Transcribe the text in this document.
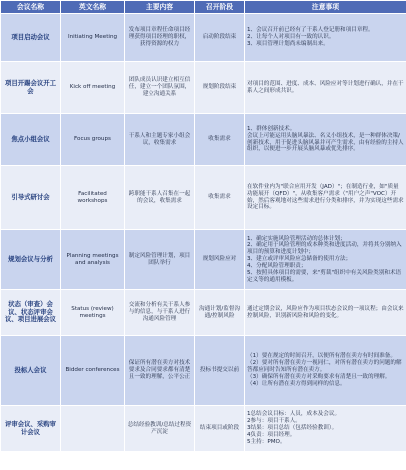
会议名称	英文名称	主要内容	召开阶段	注意事项
项目启动会议	Initiating Meeting	发布项目章程任命项目经理获得项目经理的职权，获得资源的权力	启动阶段结束	1、会议召开前已经有了干系人登记册和项目章程。
2、让每个人对项目有一致的认识。
3、项目管理计划尚未编制出来。

项目开踢会议开工会	Kick off meeting	团队成员认识建立相互信任，建立一个团队氛围，建立沟通关系	规划阶段结束	对项目的范围、进度、成本、风险应对等计划进行确认，并在干系人之间形成共识。

焦点小组会议	Focus groups	干系人和主题专家小组会议，收集需求	收集需求	1、群体创新技术。
会议上可能运用头脑风暴法、名义小组技术，是一种群体决策/创新技术，用于促进头脑风暴并可产生需求，由有经验的主持人组织，以便进一步开展头脑风暴或优先排序。

引导式研讨会	Facilitated workshops	跨职能干系人召集在一起的会议，收集需求	收集需求	在软件业内为"联合应用开发（JAD）"；在制造行业，如"质量功能展开（QFD）"，从收集客户需求（"用户之声"VOC）开始，然后客观地对这些需求进行分类和排序，并为实现这些需求设定目标。

规划会议与分析	Planning meetings and analysis	制定风险管理计划，项目团队举行	规划风险应对	1、确定实施风险管理活动的总体计划；
2、确定用于风险管理的成本种类和进度活动，并将其分别纳入项目的预算和进度计划中；
3、建立或评审风险应急储备的使用方法；
4、分配风险管理职责；
5、按照具体项目的需要，来"剪裁"组织中有关风险类别和术语定义等的通用模板。

状态（审查）会议、状态评审会议、项目进展会议	Status (review) meetings	交流和分析有关干系人参与的信息，与干系人进行沟通风险管理	沟通计划/监督沟通/控制风险	通过定期会议，风险应作为项目状态会议的一项议程；由会议来控制风险，识别新风险和风险的变化。

投标人会议	Bidder conferences	保证所有潜在卖方对技术要求及合同要求都有清楚且一致的理解，公平公正	投标书提交以前	（1）要在规定的时间召开，以便所有潜在卖方有时间准备。
（2）要对所有潜在卖方一视同仁，对所有潜在卖方的问题的解答都应同时告知所有潜在卖方。
（3）确保所有潜在卖方对采购要求有清楚且一致的理解。
（4）让所有潜在卖方得到同样的信息。

评审会议、采购审计会议		总结经验教训/总结过程资产沉淀	结束项目或阶段	1总结会议目标：人员，成本及会议。
2参与：项目干系人。
3结果：项目总结（包括经验教训）。
4负责：项目经理。
5主持：PMO。
